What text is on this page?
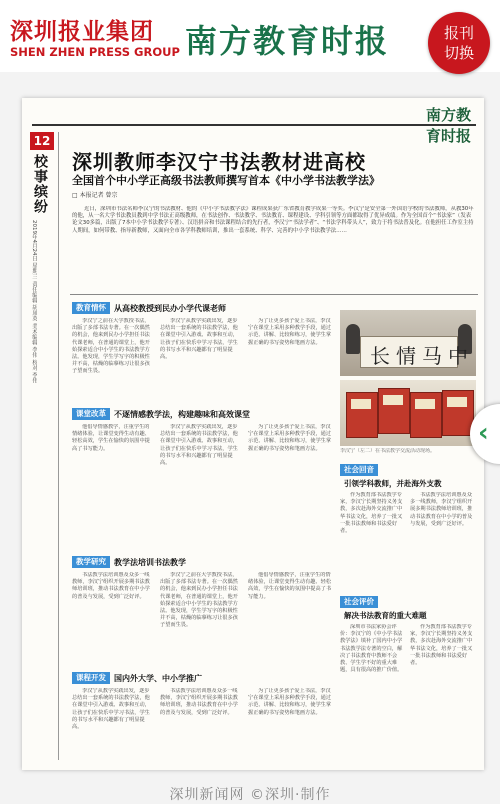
深圳报业集团
SHEN ZHEN PRESS GROUP 南方教育时报	报刊
切换
南方教育时报
12
校事缤纷
2019年4月24日 星期三 责任编辑 胡凤英 美术编辑 李伟 校对 李伟
深圳教师李汉宁书法教材进高校
全国首个中小学正高级书法教师撰写首本《中小学书法教学法》
□ 本报记者 曾宗
近日，深圳市书法名师李汉宁的书法教材、他的《中小学书法教学法》课程成果获广东省教育教学成果一等奖。李汉宁是安全第一外国语学校的书法教师，从教30年的他，从一名大学书法教员教到中学书法正高级教师，在书法创作、书法教学、书法教育、课程建设、学科引领等方面都取得了优异成绩。作为全国首个“书法家”（发表论文30多篇，出版了7本中小学书法教学专著）、汉语拼音和书法课程结合的先行者，李汉宁“书法学者”、“书法学科带头人”，致力于将书法普及化。在他担任工作室主持人期间，如何带教、指导新教师，又面向全市各学科教师培训，推出一套系统、科学、完善的中小学书法教学法……
教育情怀	从高校教授到民办小学代课老师
李汉宁之前在大学教授书法，出版了多部书法专著。在一次偶然的机会，他来到民办小学担任书法代课老师，在普通的课堂上，他开始探索适合中小学生的书法教学方法。他发现，学生学写字的积极性并不高，枯燥的临摹练习让很多孩子望而生畏。
李汉宁从教学实践出发，逐步总结出一套系统的书法教学法，他在课堂中引入游戏、故事和互动，让孩子们在快乐中学习书法，学生的书写水平和兴趣都有了明显提高。
为了让更多孩子爱上书法，李汉宁在课堂上采用多种教学手段，通过示范、讲解、比较和练习，使学生掌握正确的书写姿势和笔画方法。
课堂改革	不逐情感教学法，构建趣味和高效课堂
他倡导情感教学，注重学生的情绪体验，让课堂变得生动有趣、轻松高效，学生在愉快的氛围中提高了书写能力。
李汉宁从教学实践出发，逐步总结出一套系统的书法教学法，他在课堂中引入游戏、故事和互动，让孩子们在快乐中学习书法，学生的书写水平和兴趣都有了明显提高。
为了让更多孩子爱上书法，李汉宁在课堂上采用多种教学手段，通过示范、讲解、比较和练习，使学生掌握正确的书写姿势和笔画方法。
教学研究	教学法培训书法教学
书法教学法培训惠及众多一线教师，李汉宁组织开展多期书法教师培训班，推动书法教育在中小学的普及与发展，受到广泛好评。
李汉宁之前在大学教授书法，出版了多部书法专著。在一次偶然的机会，他来到民办小学担任书法代课老师，在普通的课堂上，他开始探索适合中小学生的书法教学方法。他发现，学生学写字的积极性并不高，枯燥的临摹练习让很多孩子望而生畏。
他倡导情感教学，注重学生的情绪体验，让课堂变得生动有趣、轻松高效，学生在愉快的氛围中提高了书写能力。
课程开发	国内外大学、中小学推广
李汉宁从教学实践出发，逐步总结出一套系统的书法教学法，他在课堂中引入游戏、故事和互动，让孩子们在快乐中学习书法，学生的书写水平和兴趣都有了明显提高。
书法教学法培训惠及众多一线教师，李汉宁组织开展多期书法教师培训班，推动书法教育在中小学的普及与发展，受到广泛好评。
为了让更多孩子爱上书法，李汉宁在课堂上采用多种教学手段，通过示范、讲解、比较和练习，使学生掌握正确的书写姿势和笔画方法。
长情马中
李汉宁（左二）在书法教学交流活动现场。
社会回音
引领学科教师，并赴海外支教
作为教育部书法教学专家，李汉宁长期坚持义务支教，多次赴海外交流推广中华书法文化，培养了一批又一批书法教师和书法爱好者。
书法教学法培训惠及众多一线教师，李汉宁组织开展多期书法教师培训班，推动书法教育在中小学的普及与发展，受到广泛好评。
社会评价
解决书法教育的重大难题
深圳市书法家协会评价：李汉宁的《中小学书法教学法》填补了国内中小学书法教学法专著的空白，解决了书法教育中教师不会教、学生学不好的重大难题，具有很高的推广价值。
作为教育部书法教学专家，李汉宁长期坚持义务支教，多次赴海外交流推广中华书法文化，培养了一批又一批书法教师和书法爱好者。
‹
深圳新闻网 ©深圳·制作
